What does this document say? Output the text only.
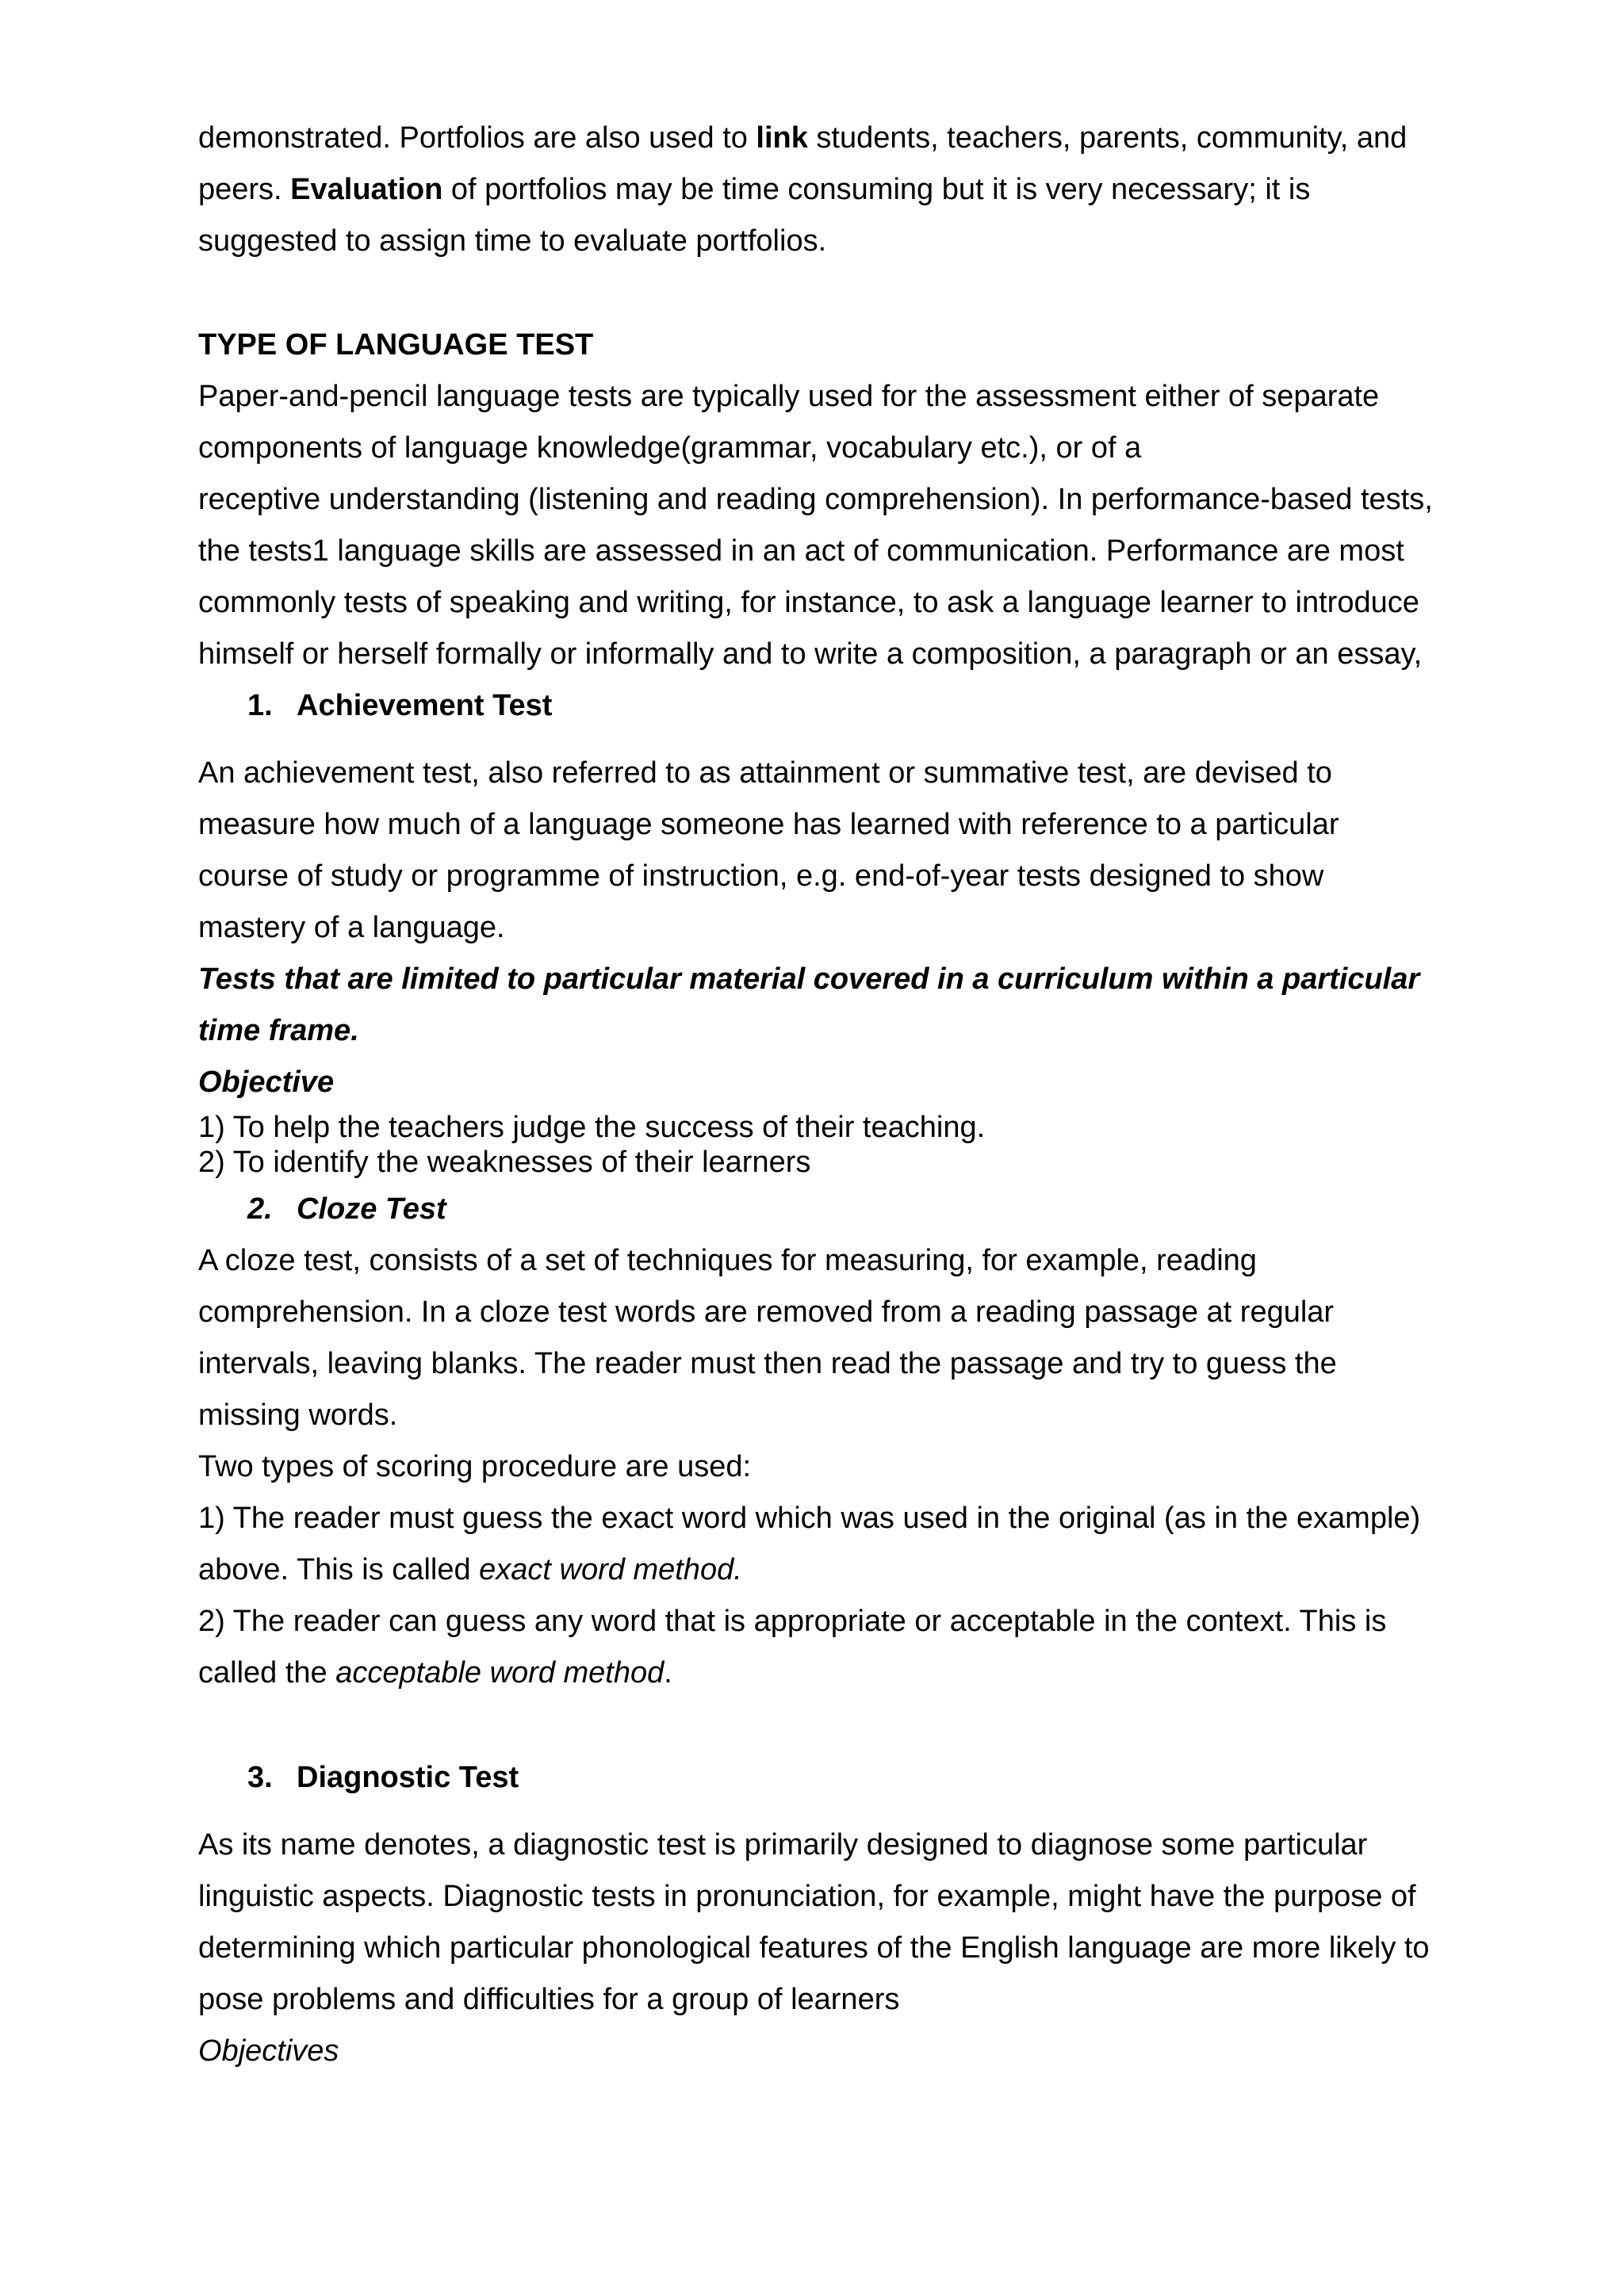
demonstrated. Portfolios are also used to link students, teachers, parents, community, and

peers. Evaluation of portfolios may be time consuming but it is very necessary; it is

suggested to assign time to evaluate portfolios.

TYPE OF LANGUAGE TEST

Paper-and-pencil language tests are typically used for the assessment either of separate

components of language knowledge(grammar, vocabulary etc.), or of a

receptive understanding (listening and reading comprehension). In performance-based tests,

the tests1 language skills are assessed in an act of communication. Performance are most

commonly tests of speaking and writing, for instance, to ask a language learner to introduce

himself or herself formally or informally and to write a composition, a paragraph or an essay,

1. Achievement Test

An achievement test, also referred to as attainment or summative test, are devised to

measure how much of a language someone has learned with reference to a particular

course of study or programme of instruction, e.g. end-of-year tests designed to show

mastery of a language.

Tests that are limited to particular material covered in a curriculum within a particular

time frame.

Objective

1) To help the teachers judge the success of their teaching.

2) To identify the weaknesses of their learners

2. Cloze Test

A cloze test, consists of a set of techniques for measuring, for example, reading

comprehension. In a cloze test words are removed from a reading passage at regular

intervals, leaving blanks. The reader must then read the passage and try to guess the

missing words.

Two types of scoring procedure are used:

1) The reader must guess the exact word which was used in the original (as in the example)

above. This is called exact word method.

2) The reader can guess any word that is appropriate or acceptable in the context. This is

called the acceptable word method.

3. Diagnostic Test

As its name denotes, a diagnostic test is primarily designed to diagnose some particular

linguistic aspects. Diagnostic tests in pronunciation, for example, might have the purpose of

determining which particular phonological features of the English language are more likely to

pose problems and difficulties for a group of learners

Objectives
